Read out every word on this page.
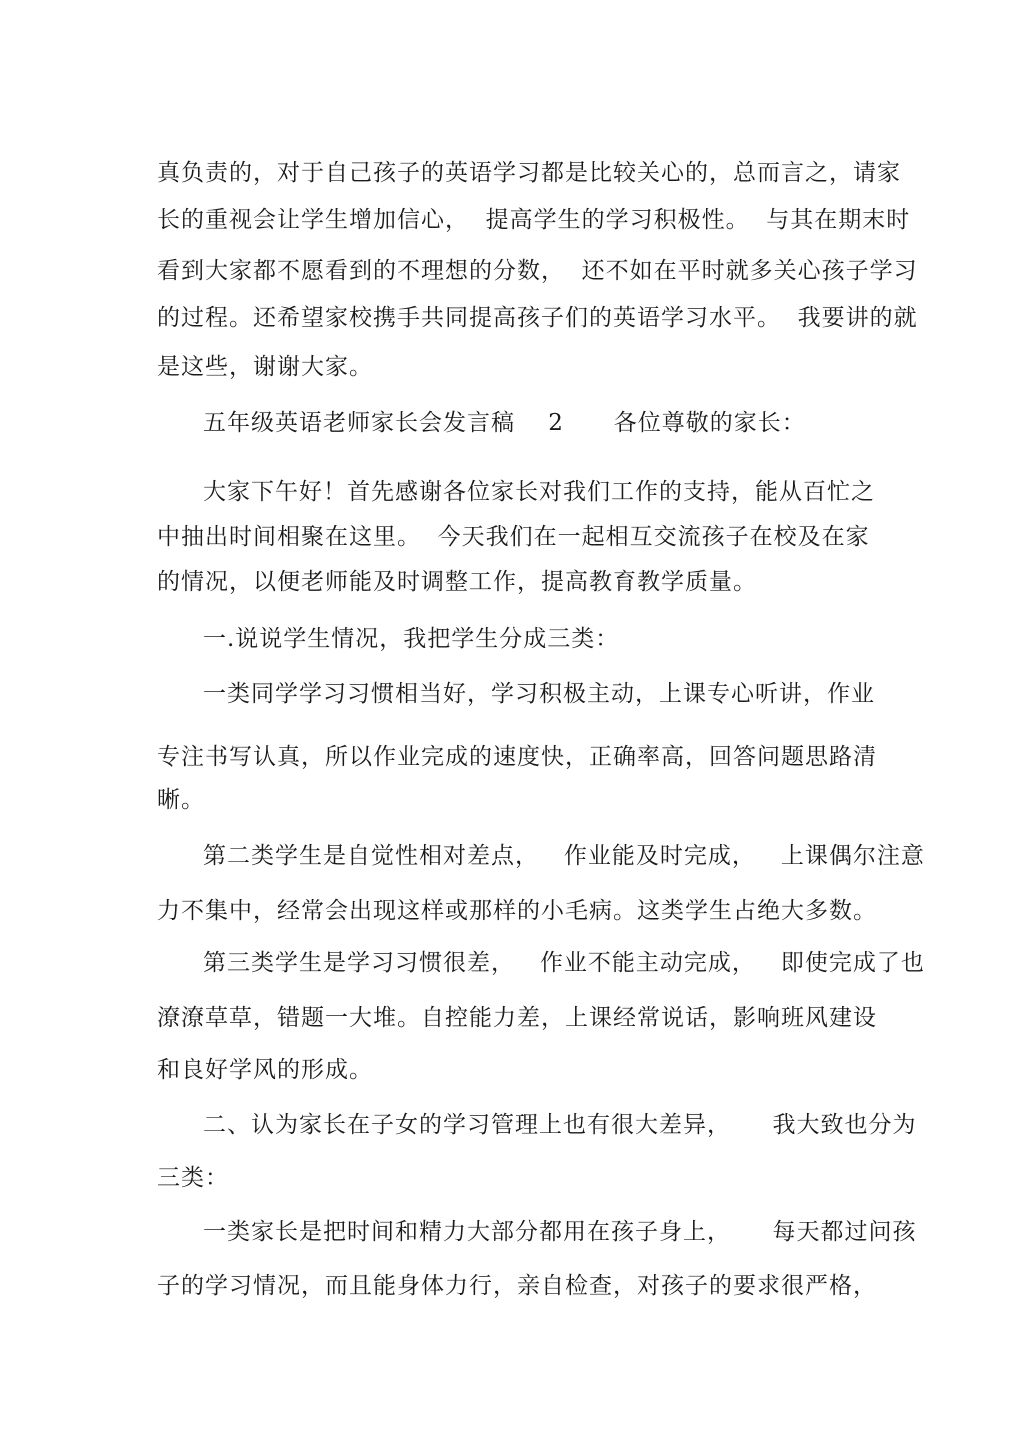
真负责的，对于自己孩子的英语学习都是比较关心的，总而言之，请家
长的重视会让学生增加信心，  提高学生的学习积极性。  与其在期末时
看到大家都不愿看到的不理想的分数，  还不如在平时就多关心孩子学习
的过程。还希望家校携手共同提高孩子们的英语学习水平。  我要讲的就
是这些，谢谢大家。
五年级英语老师家长会发言稿    2      各位尊敬的家长：
大家下午好！首先感谢各位家长对我们工作的支持，能从百忙之
中抽出时间相聚在这里。  今天我们在一起相互交流孩子在校及在家
的情况，以便老师能及时调整工作，提高教育教学质量。
一.说说学生情况，我把学生分成三类：
一类同学学习习惯相当好，学习积极主动，上课专心听讲，作业
专注书写认真，所以作业完成的速度快，正确率高，回答问题思路清
晰。
第二类学生是自觉性相对差点，   作业能及时完成，   上课偶尔注意
力不集中，经常会出现这样或那样的小毛病。这类学生占绝大多数。
第三类学生是学习习惯很差，   作业不能主动完成，   即使完成了也
潦潦草草，错题一大堆。自控能力差，上课经常说话，影响班风建设
和良好学风的形成。
二、认为家长在子女的学习管理上也有很大差异，     我大致也分为
三类：
一类家长是把时间和精力大部分都用在孩子身上，     每天都过问孩
子的学习情况，而且能身体力行，亲自检查，对孩子的要求很严格，
